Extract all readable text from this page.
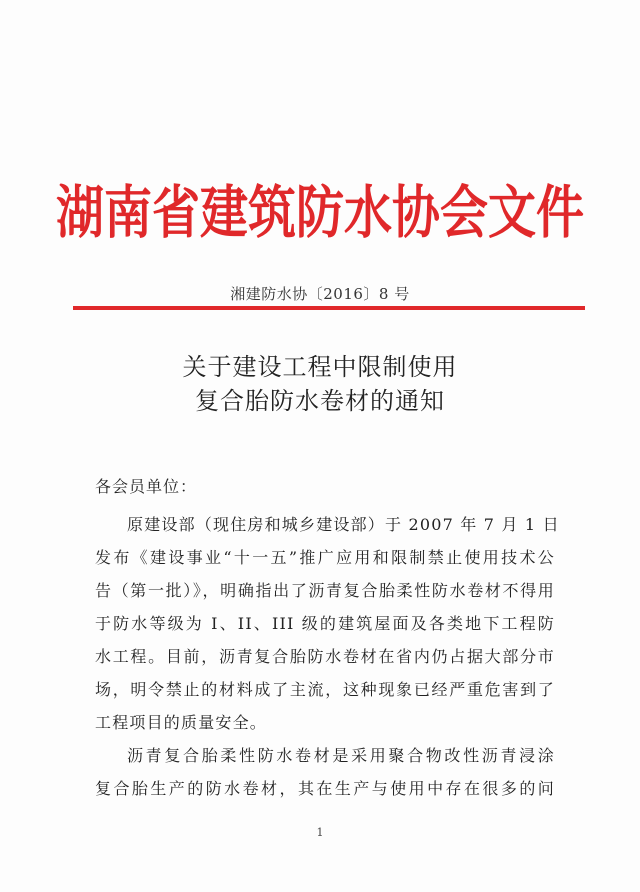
湖南省建筑防水协会文件
湘建防水协〔2016〕8 号
关于建设工程中限制使用
复合胎防水卷材的通知
各会员单位：
原建设部（现住房和城乡建设部）于 2007 年 7 月 1 日
发布《建设事业“十一五”推广应用和限制禁止使用技术公
告（第一批）》，明确指出了沥青复合胎柔性防水卷材不得用
于防水等级为 I、II、III 级的建筑屋面及各类地下工程防
水工程。目前，沥青复合胎防水卷材在省内仍占据大部分市
场，明令禁止的材料成了主流，这种现象已经严重危害到了
工程项目的质量安全。
沥青复合胎柔性防水卷材是采用聚合物改性沥青浸涂
复合胎生产的防水卷材，其在生产与使用中存在很多的问
1
